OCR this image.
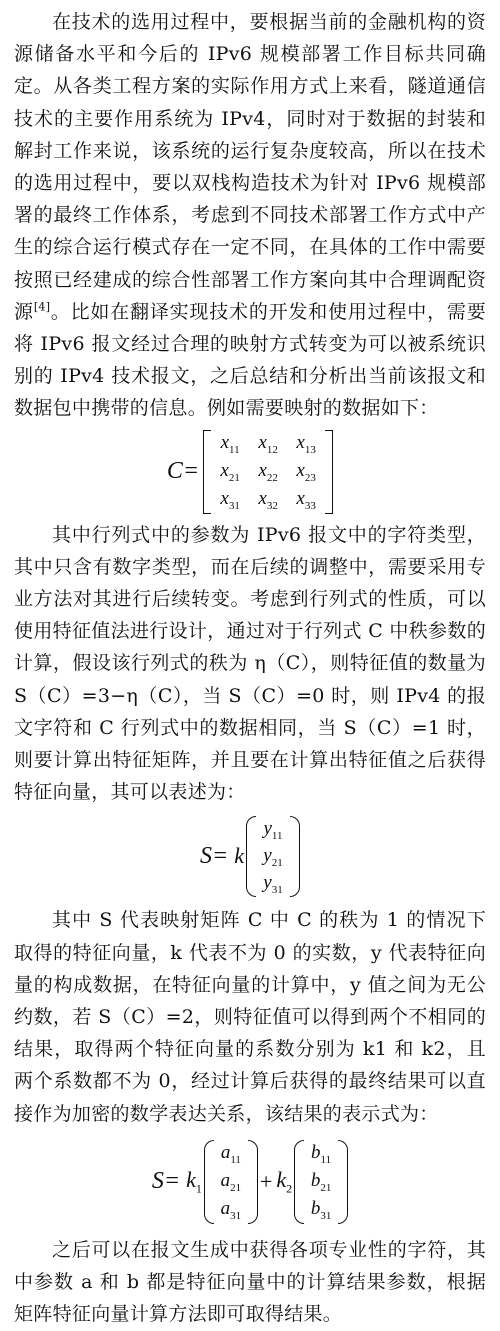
在技术的选用过程中，要根据当前的金融机构的资源储备水平和今后的 IPv6 规模部署工作目标共同确定。从各类工程方案的实际作用方式上来看，隧道通信技术的主要作用系统为 IPv4，同时对于数据的封装和解封工作来说，该系统的运行复杂度较高，所以在技术的选用过程中，要以双栈构造技术为针对 IPv6 规模部署的最终工作体系，考虑到不同技术部署工作方式中产生的综合运行模式存在一定不同，在具体的工作中需要按照已经建成的综合性部署工作方案向其中合理调配资源[4]。比如在翻译实现技术的开发和使用过程中，需要将 IPv6 报文经过合理的映射方式转变为可以被系统识别的 IPv4 技术报文，之后总结和分析出当前该报文和数据包中携带的信息。例如需要映射的数据如下：

C=
$x_{11}$ $x_{12}$ $x_{13}$
$x_{21}$ $x_{22}$ $x_{23}$
$x_{31}$ $x_{32}$ $x_{33}$

其中行列式中的参数为 IPv6 报文中的字符类型，其中只含有数字类型，而在后续的调整中，需要采用专业方法对其进行后续转变。考虑到行列式的性质，可以使用特征值法进行设计，通过对于行列式 C 中秩参数的计算，假设该行列式的秩为 η（C），则特征值的数量为 S（C）=3−η（C），当 S（C）=0 时，则 IPv4 的报文字符和 C 行列式中的数据相同，当 S（C）=1 时，则要计算出特征矩阵，并且要在计算出特征值之后获得特征向量，其可以表述为：

S= k
$y_{11}$
$y_{21}$
$y_{31}$

其中 S 代表映射矩阵 C 中 C 的秩为 1 的情况下取得的特征向量，k 代表不为 0 的实数，y 代表特征向量的构成数据，在特征向量的计算中，y 值之间为无公约数，若 S（C）=2，则特征值可以得到两个不相同的结果，取得两个特征向量的系数分别为 k1 和 k2，且两个系数都不为 0，经过计算后获得的最终结果可以直接作为加密的数学表达关系，该结果的表示式为：

$S= k_1$
$a_{11}$
$a_{21}$
$a_{31}$
+ $k_2$
$b_{11}$
$b_{21}$
$b_{31}$

之后可以在报文生成中获得各项专业性的字符，其中参数 a 和 b 都是特征向量中的计算结果参数，根据矩阵特征向量计算方法即可取得结果。
